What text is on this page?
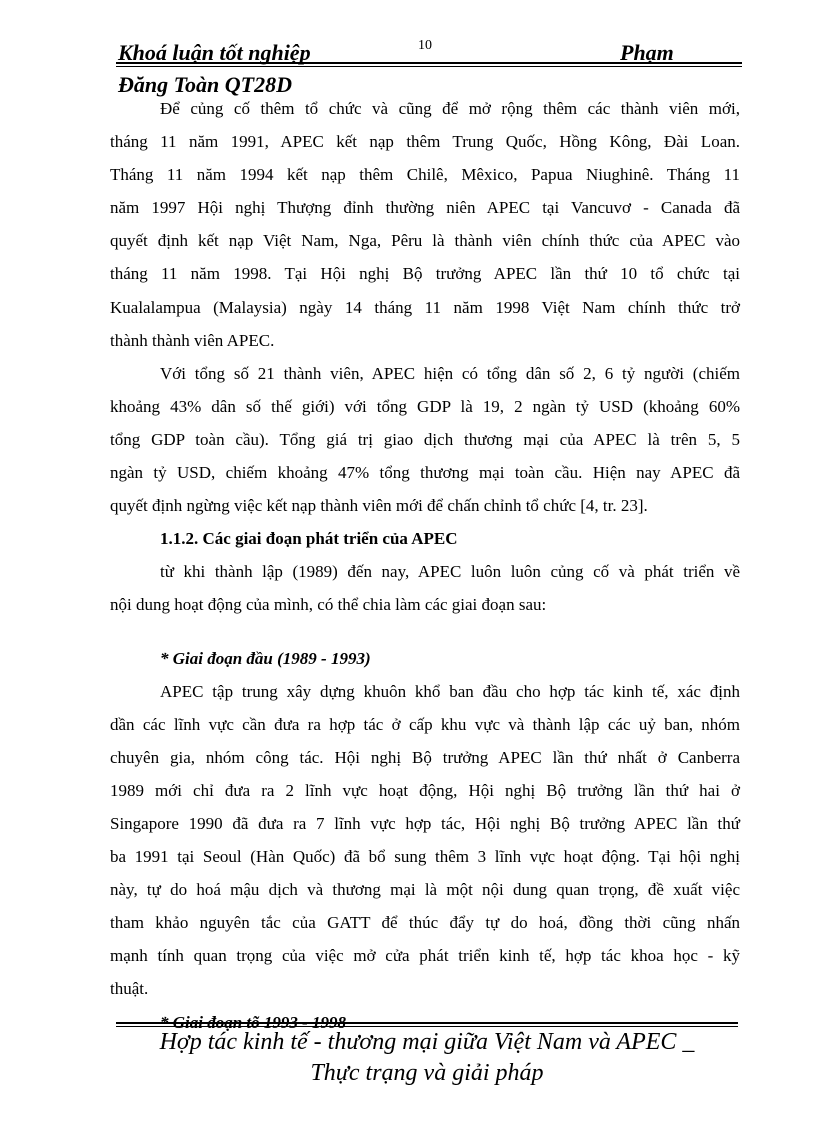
Khoá luận tốt nghiệp	10	Phạm
Đăng Toàn QT28D
Để củng cố thêm tổ chức và cũng để mở rộng thêm các thành viên mới,
tháng 11 năm 1991, APEC kết nạp thêm Trung Quốc, Hồng Kông, Đài Loan.
Tháng 11 năm 1994 kết nạp thêm Chilê, Mêxico, Papua Niughinê. Tháng 11
năm 1997 Hội nghị Thượng đỉnh thường niên APEC tại Vancuvơ - Canada đã
quyết định kết nạp Việt Nam, Nga, Pêru là thành viên chính thức của APEC vào
tháng 11 năm 1998. Tại Hội nghị Bộ trưởng APEC lần thứ 10 tổ chức tại
Kualalampua (Malaysia) ngày 14 tháng 11 năm 1998 Việt Nam chính thức trở
thành thành viên APEC.
Với tổng số 21 thành viên, APEC hiện có tổng dân số 2, 6 tỷ người (chiếm
khoảng 43% dân số thế giới) với tổng GDP là 19, 2 ngàn tỷ USD (khoảng 60%
tổng GDP toàn cầu). Tổng giá trị giao dịch thương mại của APEC là trên 5, 5
ngàn tỷ USD, chiếm khoảng 47% tổng thương mại toàn cầu. Hiện nay APEC đã
quyết định ngừng việc kết nạp thành viên mới để chấn chỉnh tổ chức [4, tr. 23].
1.1.2. Các giai đoạn phát triển của APEC
từ khi thành lập (1989) đến nay, APEC luôn luôn củng cố và phát triển về
nội dung hoạt động của mình, có thể chia làm các giai đoạn sau:
* Giai đoạn đầu (1989 - 1993)
APEC tập trung xây dựng khuôn khổ ban đầu cho hợp tác kinh tế, xác định
dần các lĩnh vực cần đưa ra hợp tác ở cấp khu vực và thành lập các uỷ ban, nhóm
chuyên gia, nhóm công tác. Hội nghị Bộ trưởng APEC lần thứ nhất ở Canberra
1989 mới chỉ đưa ra 2 lĩnh vực hoạt động, Hội nghị Bộ trưởng lần thứ hai ở
Singapore 1990 đã đưa ra 7 lĩnh vực hợp tác, Hội nghị Bộ trưởng APEC lần thứ
ba 1991 tại Seoul (Hàn Quốc) đã bổ sung thêm 3 lĩnh vực hoạt động. Tại hội nghị
này, tự do hoá mậu dịch và thương mại là một nội dung quan trọng, đề xuất việc
tham khảo nguyên tắc của GATT để thúc đẩy tự do hoá, đồng thời cũng nhấn
mạnh tính quan trọng của việc mở cửa phát triển kinh tế, hợp tác khoa học - kỹ
thuật.
* Giai đoạn tõ 1993 - 1998
Hợp tác kinh tế - thương mại giữa Việt Nam và APEC _
Thực trạng và giải pháp
